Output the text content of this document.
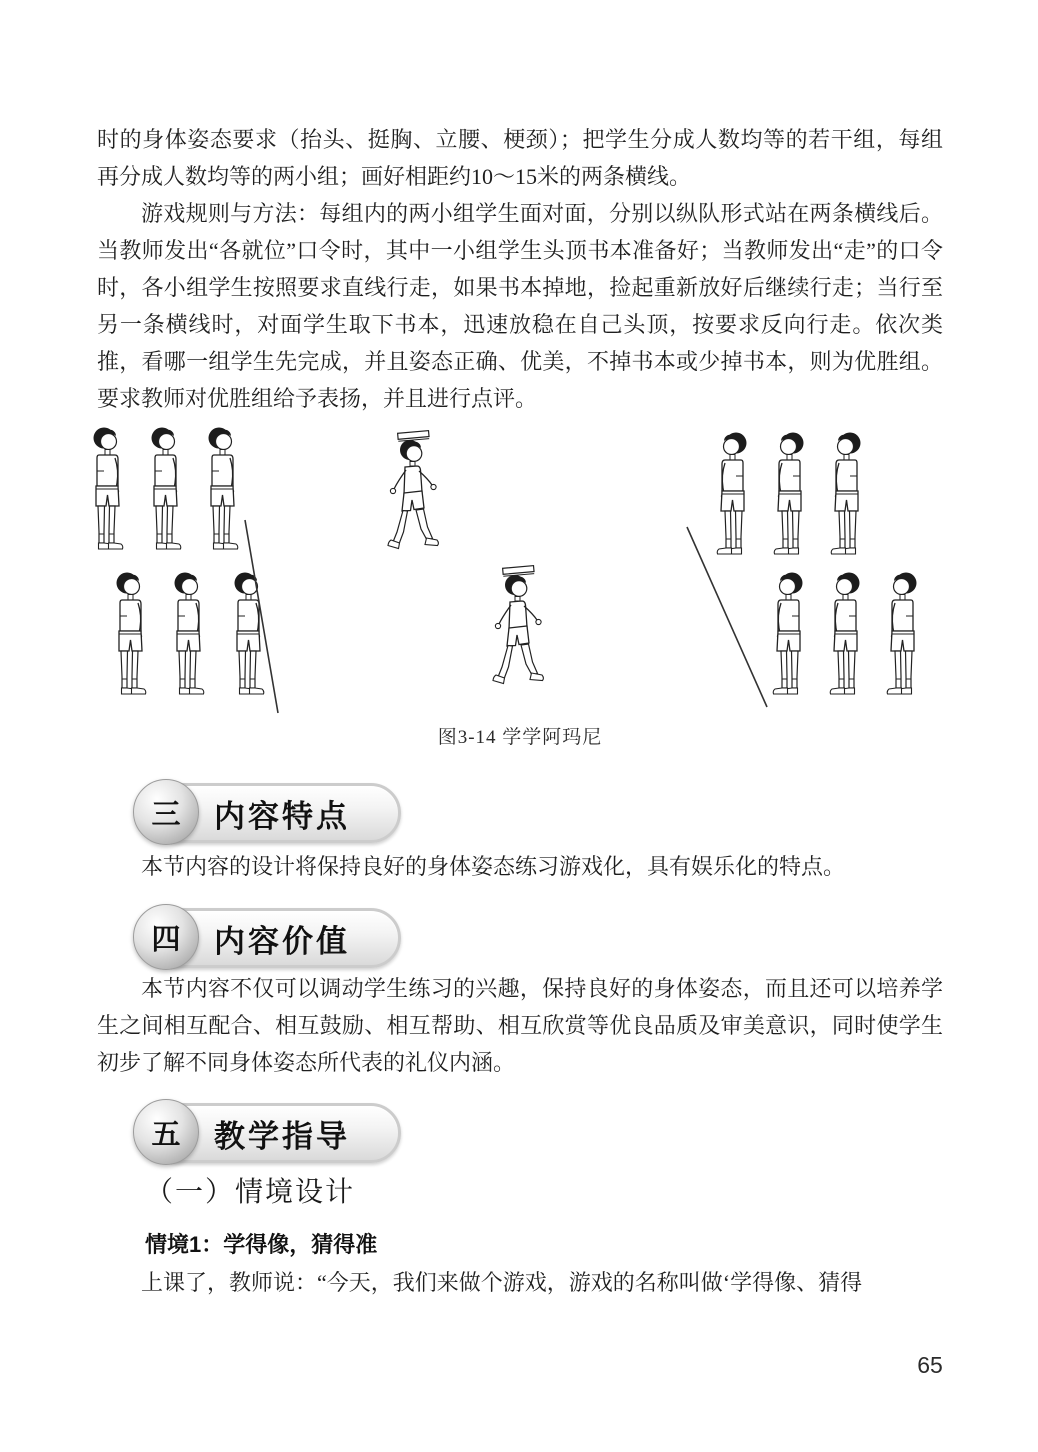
时的身体姿态要求（抬头、挺胸、立腰、梗颈）；把学生分成人数均等的若干组，每组再分成人数均等的两小组；画好相距约10～15米的两条横线。
游戏规则与方法：每组内的两小组学生面对面，分别以纵队形式站在两条横线后。当教师发出“各就位”口令时，其中一小组学生头顶书本准备好；当教师发出“走”的口令时，各小组学生按照要求直线行走，如果书本掉地，捡起重新放好后继续行走；当行至另一条横线时，对面学生取下书本，迅速放稳在自己头顶，按要求反向行走。依次类推，看哪一组学生先完成，并且姿态正确、优美，不掉书本或少掉书本，则为优胜组。要求教师对优胜组给予表扬，并且进行点评。
图3-14 学学阿玛尼
内容特点
三
本节内容的设计将保持良好的身体姿态练习游戏化，具有娱乐化的特点。
内容价值
四
本节内容不仅可以调动学生练习的兴趣，保持良好的身体姿态，而且还可以培养学生之间相互配合、相互鼓励、相互帮助、相互欣赏等优良品质及审美意识，同时使学生初步了解不同身体姿态所代表的礼仪内涵。
教学指导
五
（一）情境设计
情境1：学得像，猜得准
上课了，教师说：“今天，我们来做个游戏，游戏的名称叫做‘学得像、猜得
65
